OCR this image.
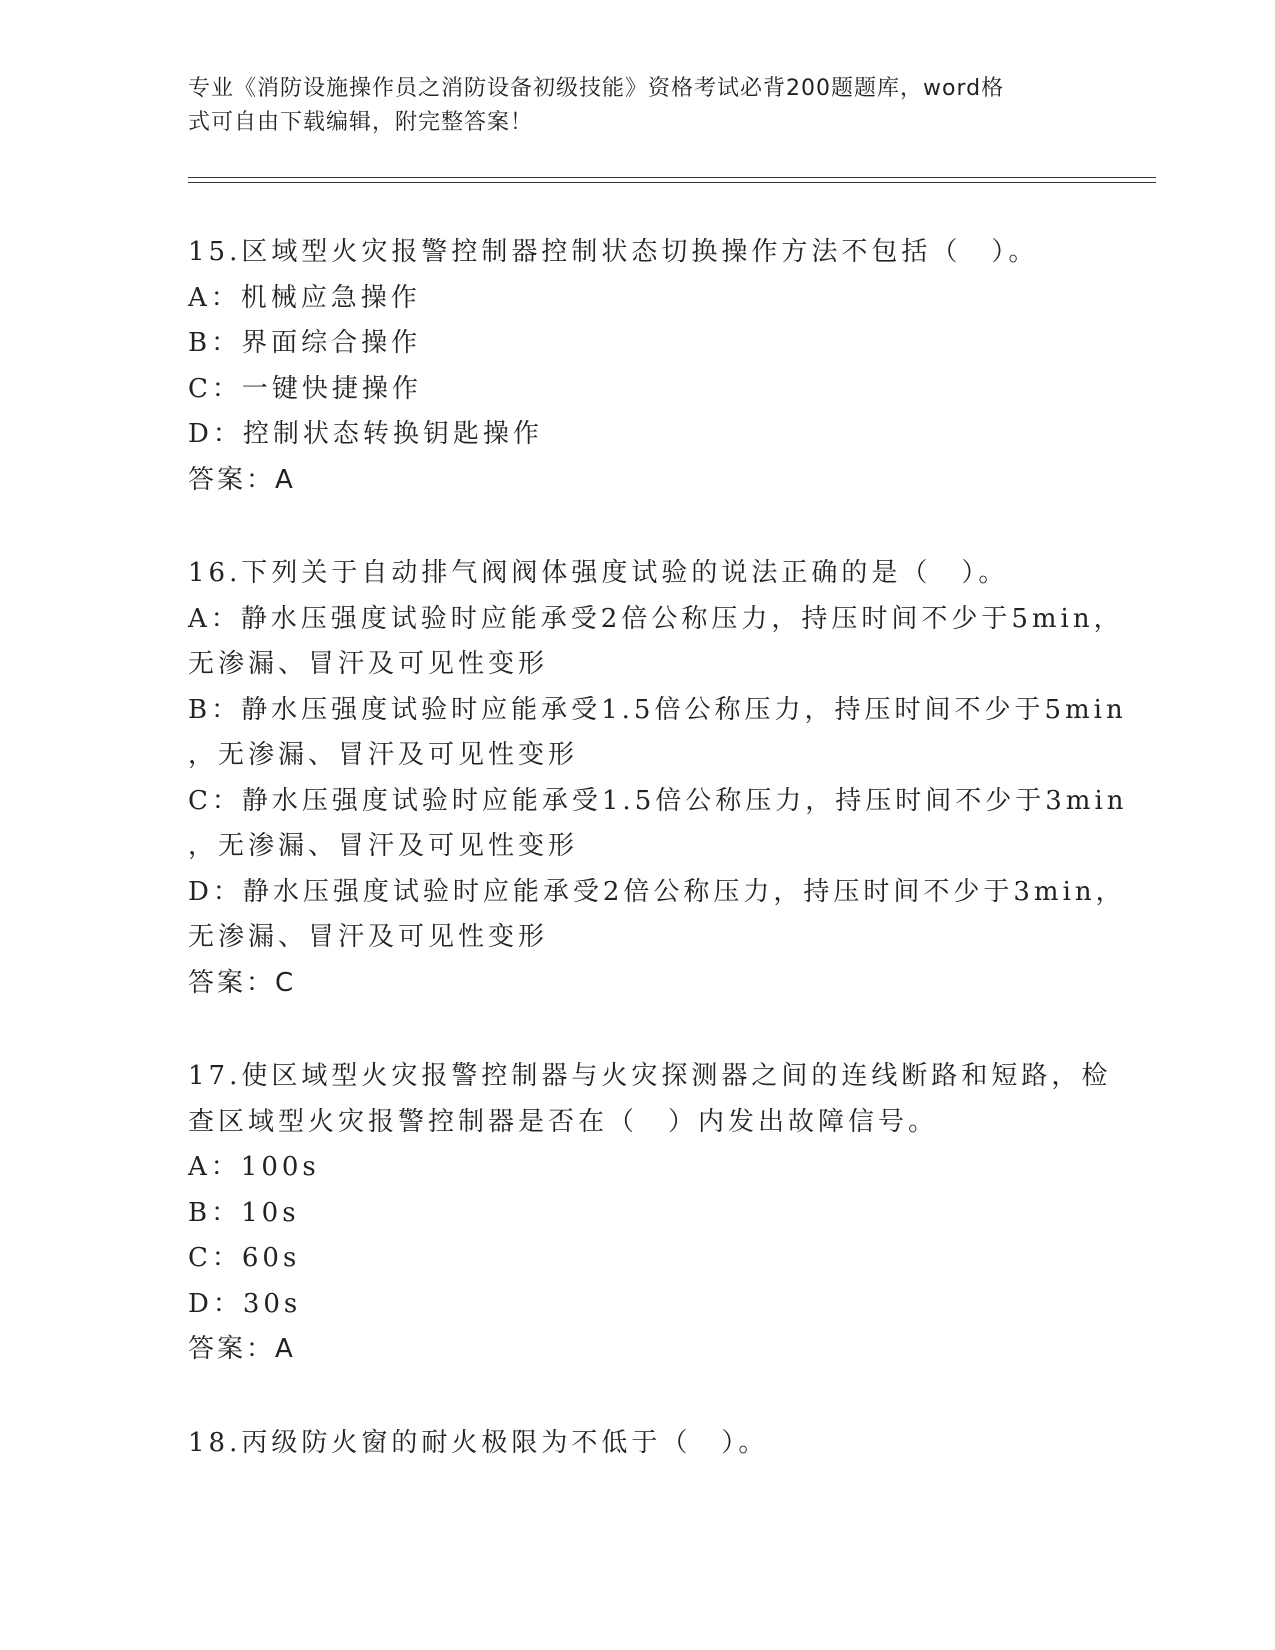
专业《消防设施操作员之消防设备初级技能》资格考试必背200题题库，word格
式可自由下载编辑，附完整答案！
15.区域型火灾报警控制器控制状态切换操作方法不包括（　）。
A：机械应急操作
B：界面综合操作
C：一键快捷操作
D：控制状态转换钥匙操作
答案：A
16.下列关于自动排气阀阀体强度试验的说法正确的是（　）。
A：静水压强度试验时应能承受2倍公称压力，持压时间不少于5min，
无渗漏、冒汗及可见性变形
B：静水压强度试验时应能承受1.5倍公称压力，持压时间不少于5min
，无渗漏、冒汗及可见性变形
C：静水压强度试验时应能承受1.5倍公称压力，持压时间不少于3min
，无渗漏、冒汗及可见性变形
D：静水压强度试验时应能承受2倍公称压力，持压时间不少于3min，
无渗漏、冒汗及可见性变形
答案：C
17.使区域型火灾报警控制器与火灾探测器之间的连线断路和短路，检
查区域型火灾报警控制器是否在（　）内发出故障信号。
A：100s
B：10s
C：60s
D：30s
答案：A
18.丙级防火窗的耐火极限为不低于（　）。
